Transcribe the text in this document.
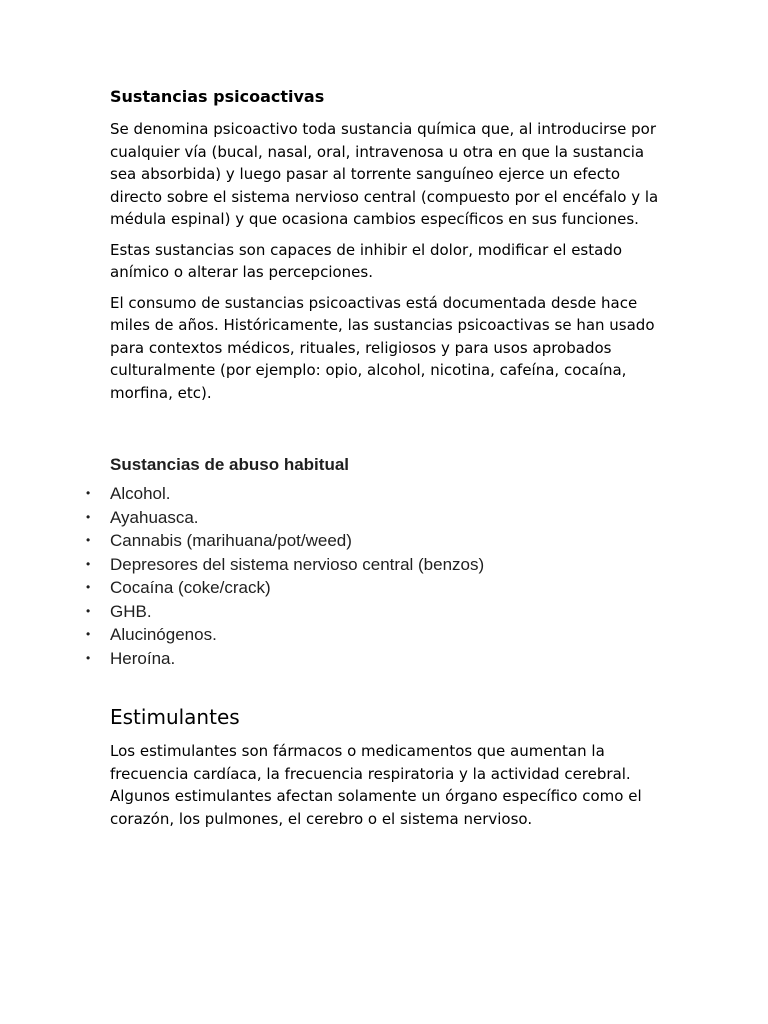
Sustancias psicoactivas

Se denomina psicoactivo toda sustancia química que, al introducirse por cualquier vía (bucal, nasal, oral, intravenosa u otra en que la sustancia sea absorbida) y luego pasar al torrente sanguíneo ejerce un efecto directo sobre el sistema nervioso central (compuesto por el encéfalo y la médula espinal) y que ocasiona cambios específicos en sus funciones.

Estas sustancias son capaces de inhibir el dolor, modificar el estado anímico o alterar las percepciones.

El consumo de sustancias psicoactivas está documentada desde hace miles de años. Históricamente, las sustancias psicoactivas se han usado para contextos médicos, rituales, religiosos y para usos aprobados culturalmente (por ejemplo: opio, alcohol, nicotina, cafeína, cocaína, morfina, etc).

Sustancias de abuso habitual
• Alcohol.
• Ayahuasca.
• Cannabis (marihuana/pot/weed)
• Depresores del sistema nervioso central (benzos)
• Cocaína (coke/crack)
• GHB.
• Alucinógenos.
• Heroína.
Estimulantes

Los estimulantes son fármacos o medicamentos que aumentan la frecuencia cardíaca, la frecuencia respiratoria y la actividad cerebral. Algunos estimulantes afectan solamente un órgano específico como el corazón, los pulmones, el cerebro o el sistema nervioso.
